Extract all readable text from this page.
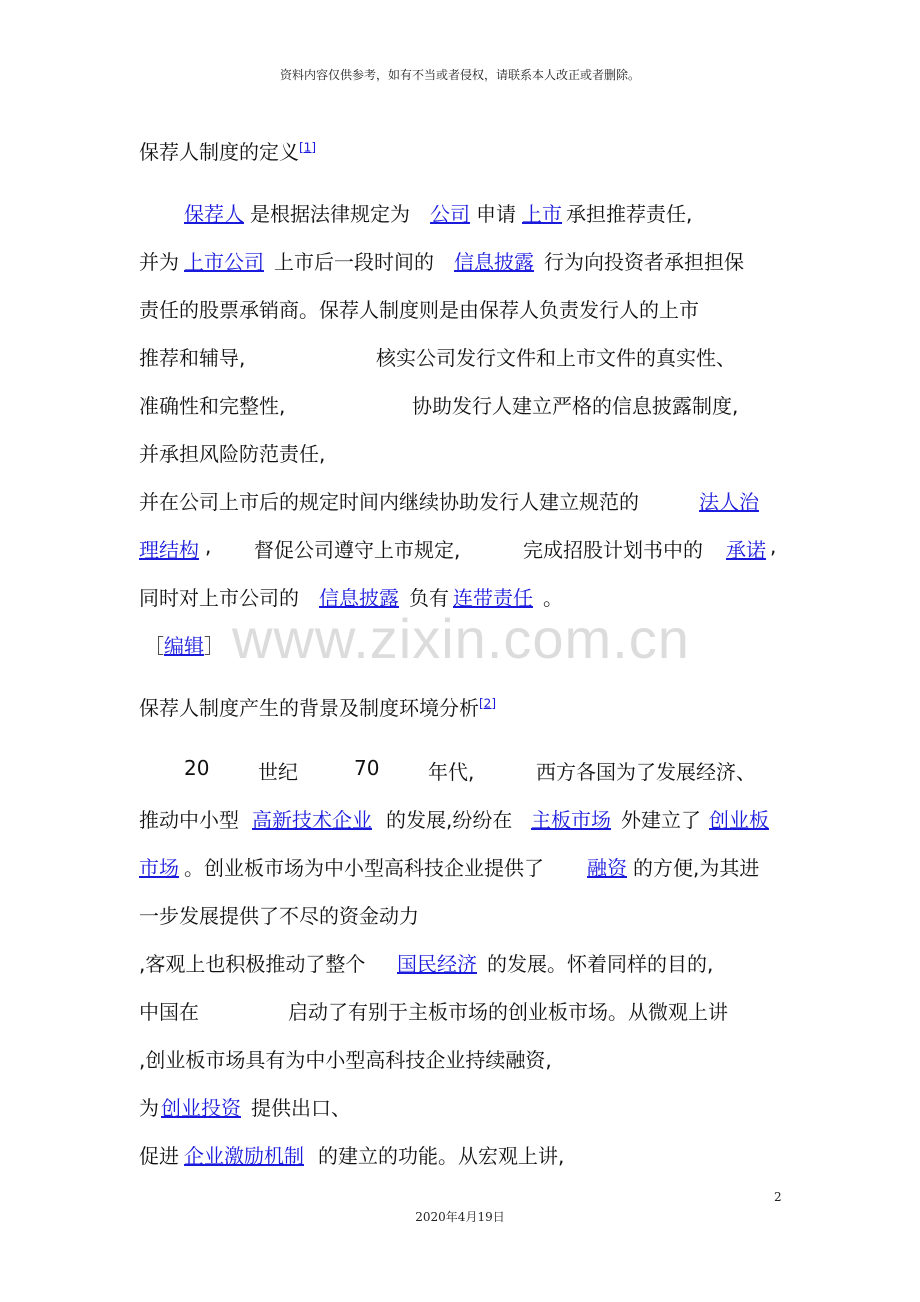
资料内容仅供参考，如有不当或者侵权，请联系本人改正或者删除。
www.zixin.com.cn
保荐人制度的定义[1]
保荐人 是根据法律规定为 公司 申请 上市 承担推荐责任,
并为 上市公司 上市后一段时间的 信息披露 行为向投资者承担担保
责任的股票承销商。保荐人制度则是由保荐人负责发行人的上市
推荐和辅导,	核实公司发行文件和上市文件的真实性、
准确性和完整性,	协助发行人建立严格的信息披露制度,
并承担风险防范责任,
并在公司上市后的规定时间内继续协助发行人建立规范的	法人治
理结构 , 督促公司遵守上市规定,	完成招股计划书中的 承诺 ,
同时对上市公司的 信息披露 负有 连带责任 。
［编辑］
保荐人制度产生的背景及制度环境分析[2]
20 世纪	70 年代,	西方各国为了发展经济、
推动中小型 高新技术企业 的发展,纷纷在 主板市场 外建立了 创业板
市场 。创业板市场为中小型高科技企业提供了 融资 的方便,为其进
一步发展提供了不尽的资金动力
,客观上也积极推动了整个 国民经济 的发展。怀着同样的目的,
中国在	启动了有别于主板市场的创业板市场。从微观上讲
,创业板市场具有为中小型高科技企业持续融资,
为 创业投资 提供出口、
促进 企业激励机制 的建立的功能。从宏观上讲,
2
2020年4月19日
